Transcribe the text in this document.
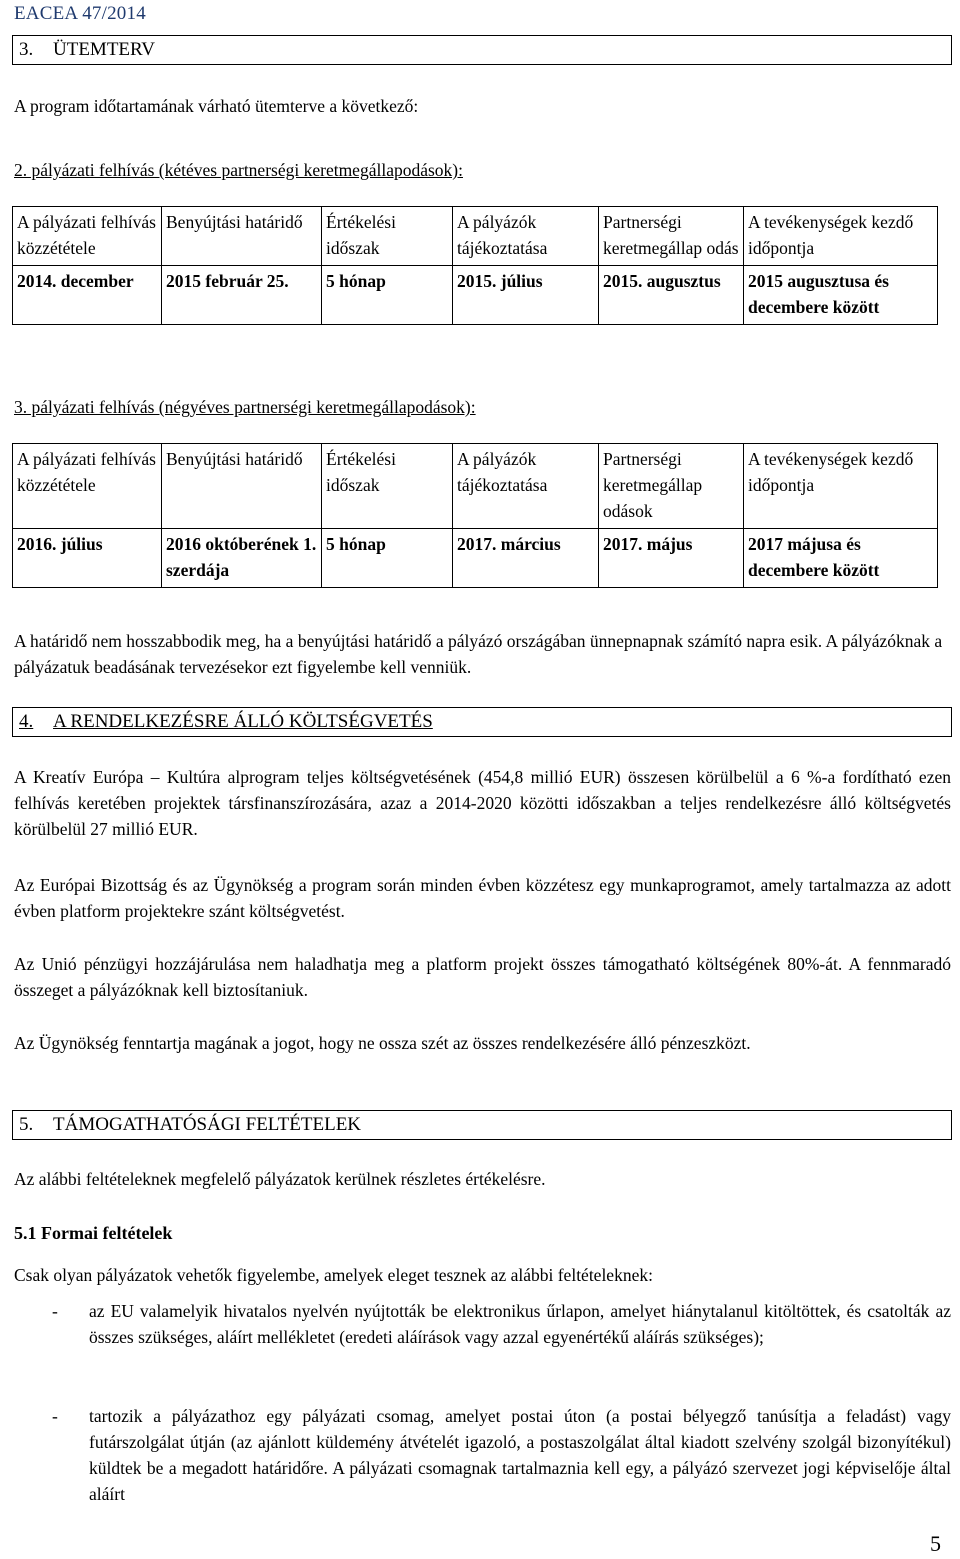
EACEA 47/2014
3. ÜTEMTERV
A program időtartamának várható ütemterve a következő:
2. pályázati felhívás (kétéves partnerségi keretmegállapodások):
A pályázati felhívás közzététele	Benyújtási határidő	Értékelési időszak	A pályázók tájékoztatása	Partnerségi keretmegállap odás	A tevékenységek kezdő időpontja
2014. december	2015 február 25.	5 hónap	2015. július	2015. augusztus	2015 augusztusa és decembere között
3. pályázati felhívás (négyéves partnerségi keretmegállapodások):
A pályázati felhívás közzététele	Benyújtási határidő	Értékelési időszak	A pályázók tájékoztatása	Partnerségi keretmegállap odások	A tevékenységek kezdő időpontja
2016. július	2016 októberének 1. szerdája	5 hónap	2017. március	2017. május	2017 májusa és decembere között
A határidő nem hosszabbodik meg, ha a benyújtási határidő a pályázó országában ünnepnapnak számító napra esik. A pályázóknak a pályázatuk beadásának tervezésekor ezt figyelembe kell venniük.
4. A RENDELKEZÉSRE ÁLLÓ KÖLTSÉGVETÉS
A Kreatív Európa – Kultúra alprogram teljes költségvetésének (454,8 millió EUR) összesen körülbelül a 6 %-a fordítható ezen felhívás keretében projektek társfinanszírozására, azaz a 2014-2020 közötti időszakban a teljes rendelkezésre álló költségvetés körülbelül 27 millió EUR.
Az Európai Bizottság és az Ügynökség a program során minden évben közzétesz egy munkaprogramot, amely tartalmazza az adott évben platform projektekre szánt költségvetést.
Az Unió pénzügyi hozzájárulása nem haladhatja meg a platform projekt összes támogatható költségének 80%-át. A fennmaradó összeget a pályázóknak kell biztosítaniuk.
Az Ügynökség fenntartja magának a jogot, hogy ne ossza szét az összes rendelkezésére álló pénzeszközt.
5. TÁMOGATHATÓSÁGI FELTÉTELEK
Az alábbi feltételeknek megfelelő pályázatok kerülnek részletes értékelésre.
5.1 Formai feltételek
Csak olyan pályázatok vehetők figyelembe, amelyek eleget tesznek az alábbi feltételeknek:
- az EU valamelyik hivatalos nyelvén nyújtották be elektronikus űrlapon, amelyet hiánytalanul kitöltöttek, és csatolták az összes szükséges, aláírt mellékletet (eredeti aláírások vagy azzal egyenértékű aláírás szükséges);
- tartozik a pályázathoz egy pályázati csomag, amelyet postai úton (a postai bélyegző tanúsítja a feladást) vagy futárszolgálat útján (az ajánlott küldemény átvételét igazoló, a postaszolgálat által kiadott szelvény szolgál bizonyítékul) küldtek be a megadott határidőre. A pályázati csomagnak tartalmaznia kell egy, a pályázó szervezet jogi képviselője által aláírt
5
